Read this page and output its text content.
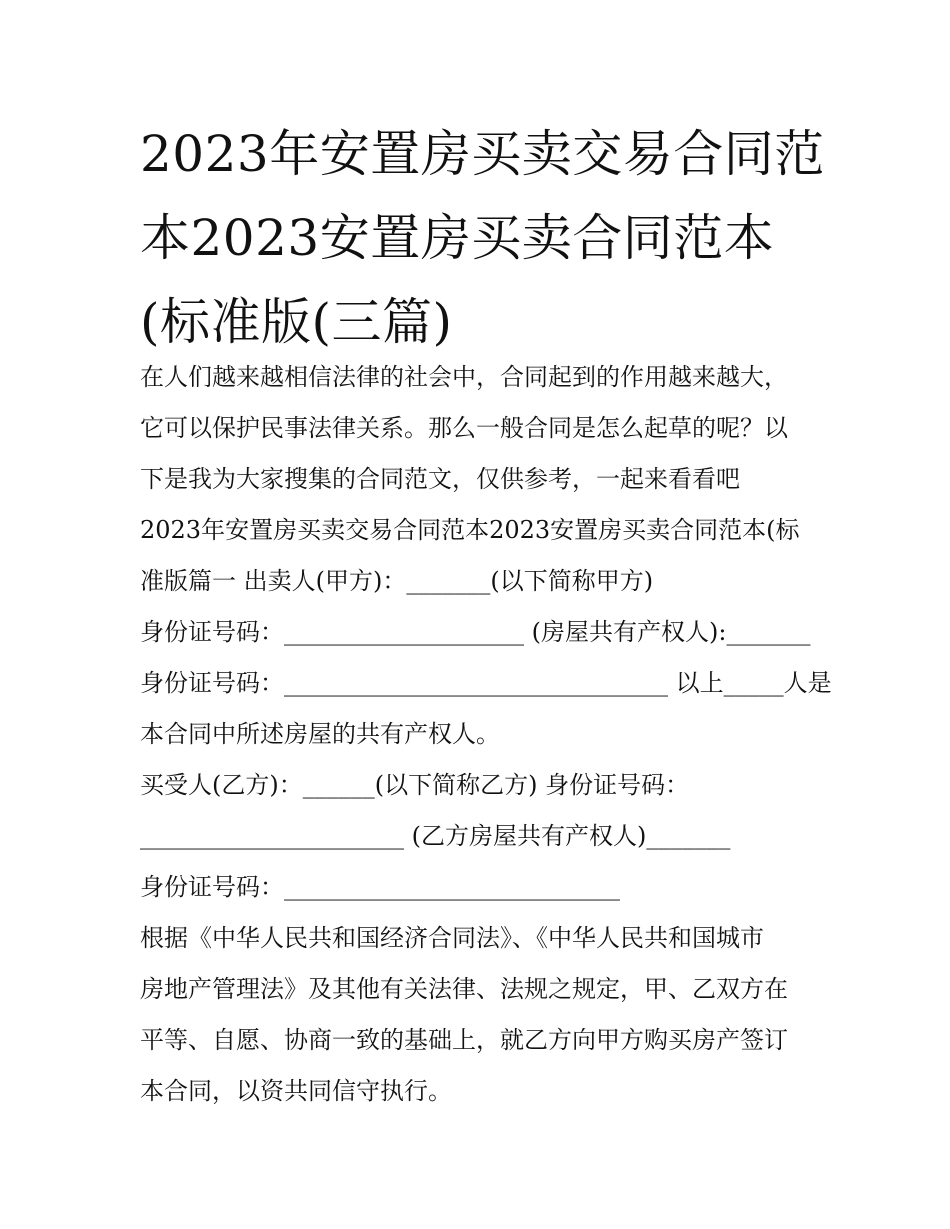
2023年安置房买卖交易合同范
本2023安置房买卖合同范本
(标准版(三篇)
在人们越来越相信法律的社会中，合同起到的作用越来越大，
它可以保护民事法律关系。那么一般合同是怎么起草的呢？以
下是我为大家搜集的合同范文，仅供参考，一起来看看吧
2023年安置房买卖交易合同范本2023安置房买卖合同范本(标
准版篇一 出卖人(甲方)：_______(以下简称甲方)
身份证号码：____________________ (房屋共有产权人):_______
身份证号码：________________________________ 以上_____人是
本合同中所述房屋的共有产权人。
买受人(乙方)：______(以下简称乙方) 身份证号码：
______________________ (乙方房屋共有产权人)_______
身份证号码：____________________________
根据《中华人民共和国经济合同法》、《中华人民共和国城市
房地产管理法》及其他有关法律、法规之规定，甲、乙双方在
平等、自愿、协商一致的基础上，就乙方向甲方购买房产签订
本合同，以资共同信守执行。
